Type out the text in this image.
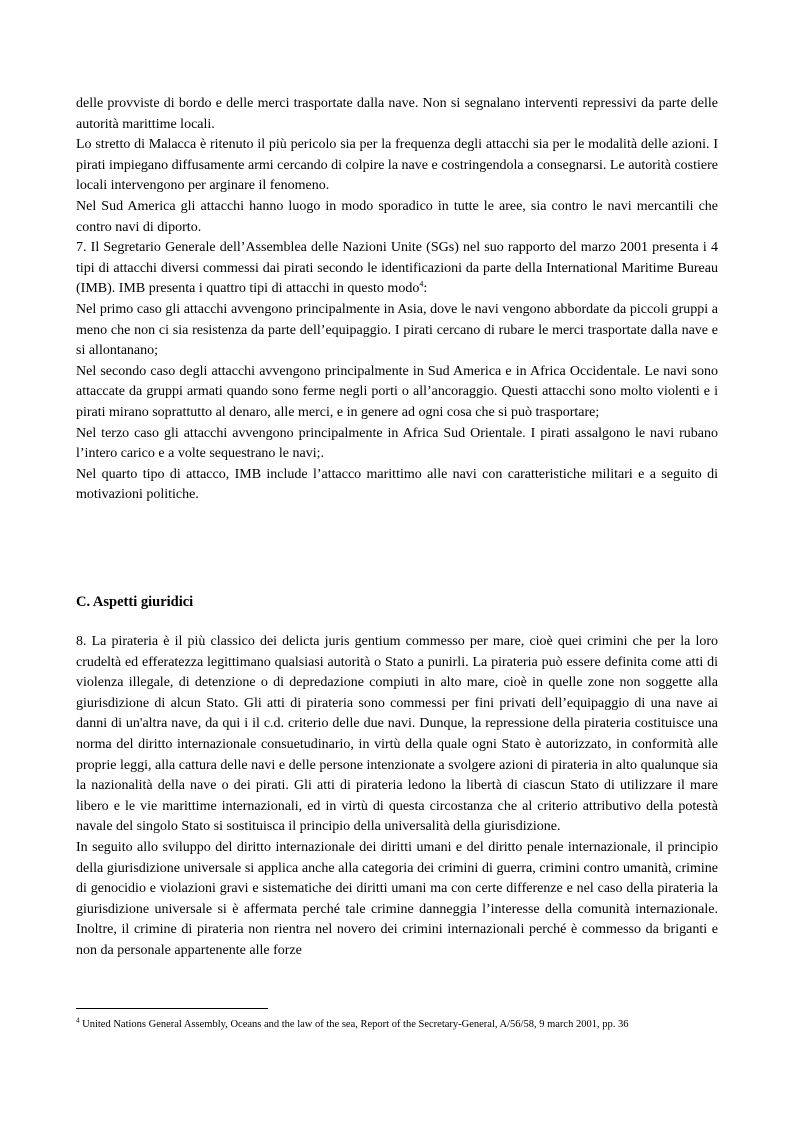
delle provviste di bordo e delle merci trasportate dalla nave. Non si segnalano interventi repressivi da parte delle autorità marittime locali.

Lo stretto di Malacca è ritenuto il più pericolo sia per la frequenza degli attacchi sia per le modalità delle azioni. I pirati impiegano diffusamente armi cercando di colpire la nave e costringendola a consegnarsi. Le autorità costiere locali intervengono per arginare il fenomeno.

Nel Sud America gli attacchi hanno luogo in modo sporadico in tutte le aree, sia contro le navi mercantili che contro navi di diporto.

7. Il Segretario Generale dell’Assemblea delle Nazioni Unite (SGs) nel suo rapporto del marzo 2001 presenta i 4 tipi di attacchi diversi commessi dai pirati secondo le identificazioni da parte della International Maritime Bureau (IMB). IMB presenta i quattro tipi di attacchi in questo modo$^4$:

Nel primo caso gli attacchi avvengono principalmente in Asia, dove le navi vengono abbordate da piccoli gruppi a meno che non ci sia resistenza da parte dell’equipaggio. I pirati cercano di rubare le merci trasportate dalla nave e si allontanano;

Nel secondo caso degli attacchi avvengono principalmente in Sud America e in Africa Occidentale. Le navi sono attaccate da gruppi armati quando sono ferme negli porti o all’ancoraggio. Questi attacchi sono molto violenti e i pirati mirano soprattutto al denaro, alle merci, e in genere ad ogni cosa che si può trasportare;

Nel terzo caso gli attacchi avvengono principalmente in Africa Sud Orientale. I pirati assalgono le navi rubano l’intero carico e a volte sequestrano le navi;.

Nel quarto tipo di attacco, IMB include l’attacco marittimo alle navi con caratteristiche militari e a seguito di motivazioni politiche.

C. Aspetti giuridici

8. La pirateria è il più classico dei delicta juris gentium commesso per mare, cioè quei crimini che per la loro crudeltà ed efferatezza legittimano qualsiasi autorità o Stato a punirli. La pirateria può essere definita come atti di violenza illegale, di detenzione o di depredazione compiuti in alto mare, cioè in quelle zone non soggette alla giurisdizione di alcun Stato. Gli atti di pirateria sono commessi per fini privati dell’equipaggio di una nave ai danni di un'altra nave, da qui i il c.d. criterio delle due navi. Dunque, la repressione della pirateria costituisce una norma del diritto internazionale consuetudinario, in virtù della quale ogni Stato è autorizzato, in conformità alle proprie leggi, alla cattura delle navi e delle persone intenzionate a svolgere azioni di pirateria in alto qualunque sia la nazionalità della nave o dei pirati. Gli atti di pirateria ledono la libertà di ciascun Stato di utilizzare il mare libero e le vie marittime internazionali, ed in virtù di questa circostanza che al criterio attributivo della potestà navale del singolo Stato si sostituisca il principio della universalità della giurisdizione.

In seguito allo sviluppo del diritto internazionale dei diritti umani e del diritto penale internazionale, il principio della giurisdizione universale si applica anche alla categoria dei crimini di guerra, crimini contro umanità, crimine di genocidio e violazioni gravi e sistematiche dei diritti umani ma con certe differenze e nel caso della pirateria la giurisdizione universale si è affermata perché tale crimine danneggia l’interesse della comunità internazionale. Inoltre, il crimine di pirateria non rientra nel novero dei crimini internazionali perché è commesso da briganti e non da personale appartenente alle forze

$^4$ United Nations General Assembly, Oceans and the law of the sea, Report of the Secretary-General, A/56/58, 9 march 2001, pp. 36
